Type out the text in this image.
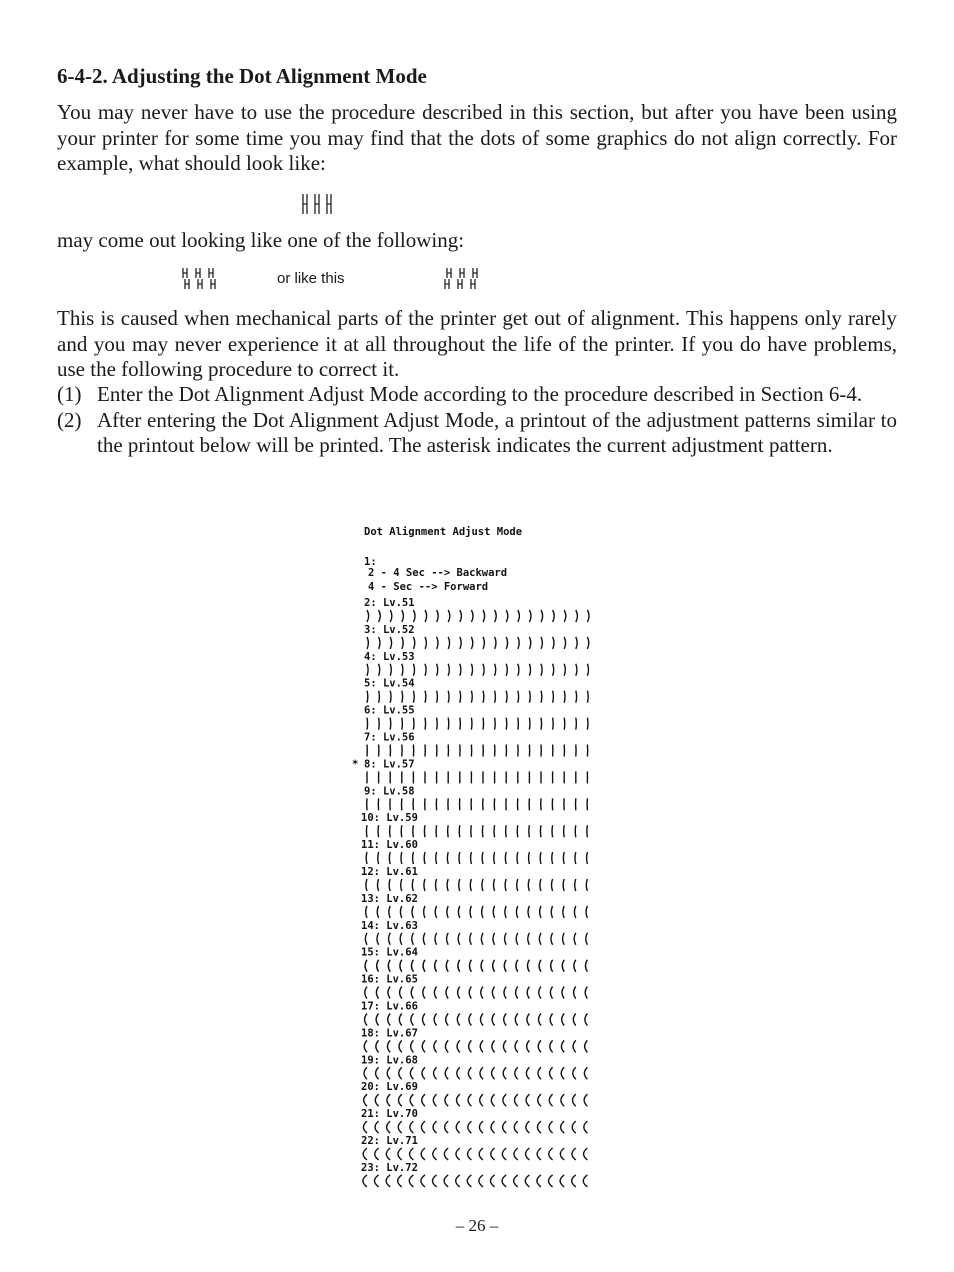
6-4-2. Adjusting the Dot Alignment Mode

You may never have to use the procedure described in this section, but after you have been using your printer for some time you may find that the dots of some graphics do not align correctly. For example, what should look like:

may come out looking like one of the following:

or like this

This is caused when mechanical parts of the printer get out of alignment. This happens only rarely and you may never experience it at all throughout the life of the printer. If you do have problems, use the following procedure to correct it.

(1) Enter the Dot Alignment Adjust Mode according to the procedure described in Section 6-4.
(2) After entering the Dot Alignment Adjust Mode, a printout of the adjustment patterns similar to the printout below will be printed. The asterisk indicates the current adjustment pattern.
Dot Alignment Adjust Mode
1:
2 - 4 Sec --> Backward
4 - Sec --> Forward
2: Lv.51
3: Lv.52
4: Lv.53
5: Lv.54
6: Lv.55
7: Lv.56
8: Lv.57
*
9: Lv.58
10: Lv.59
11: Lv.60
12: Lv.61
13: Lv.62
14: Lv.63
15: Lv.64
16: Lv.65
17: Lv.66
18: Lv.67
19: Lv.68
20: Lv.69
21: Lv.70
22: Lv.71
23: Lv.72
– 26 –
